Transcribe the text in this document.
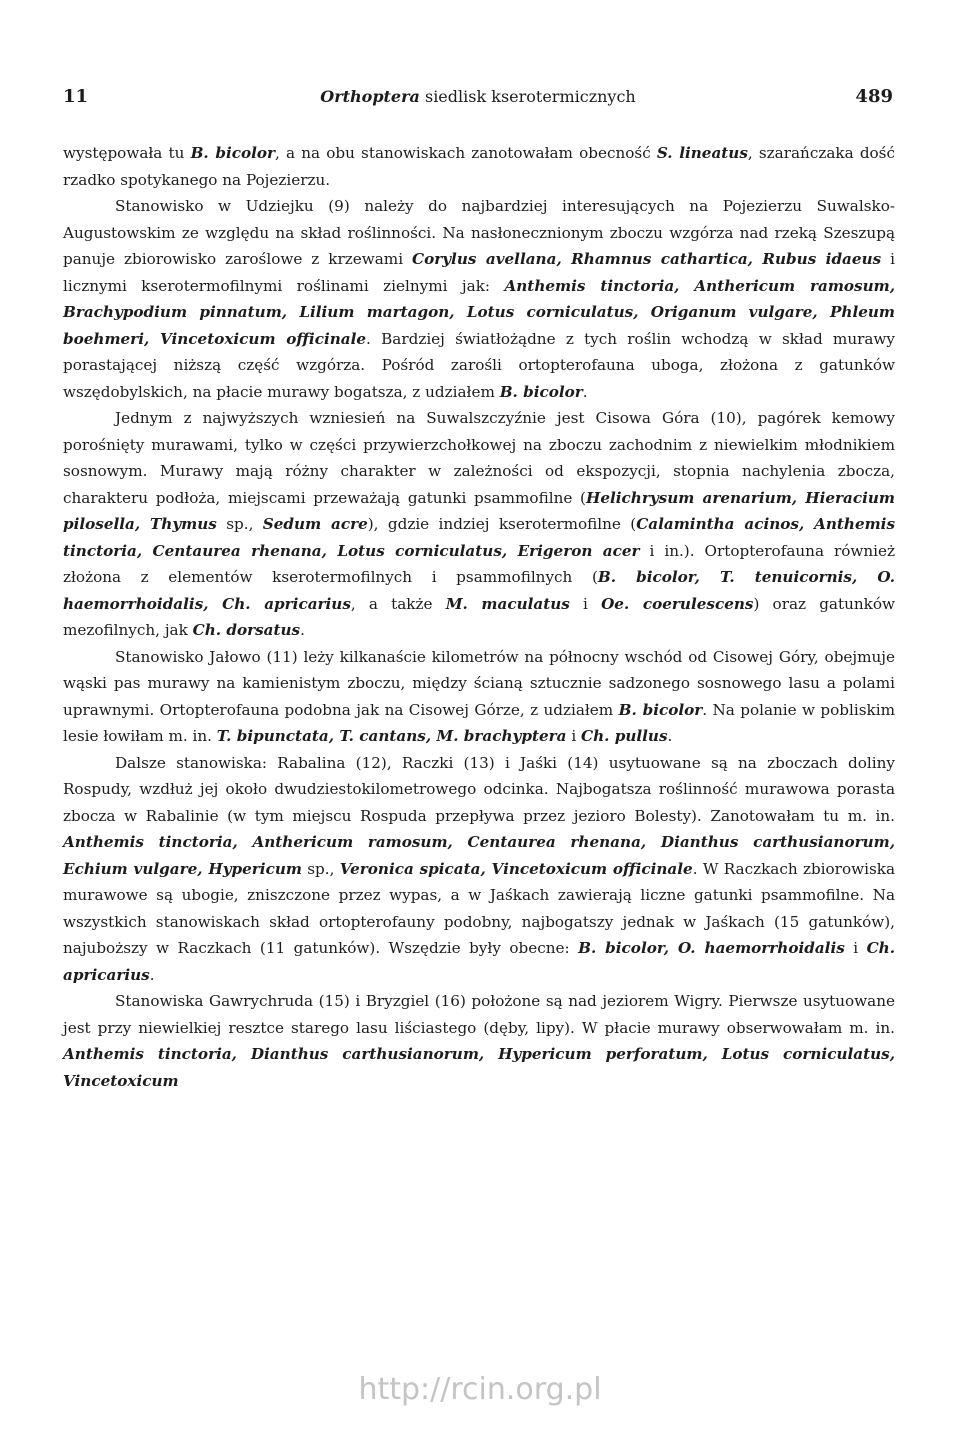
11	Orthoptera siedlisk kserotermicznych	489

występowała tu B. bicolor, a na obu stanowiskach zanotowałam obecność S. lineatus, szarańczaka dość rzadko spotykanego na Pojezierzu.

Stanowisko w Udziejku (9) należy do najbardziej interesujących na Pojezierzu Suwalsko-Augustowskim ze względu na skład roślinności. Na nasłonecznionym zboczu wzgórza nad rzeką Szeszupą panuje zbiorowisko zaroślowe z krzewami Corylus avellana, Rhamnus cathartica, Rubus idaeus i licznymi kserotermofilnymi roślinami zielnymi jak: Anthemis tinctoria, Anthericum ramosum, Brachypodium pinnatum, Lilium martagon, Lotus corniculatus, Origanum vulgare, Phleum boehmeri, Vincetoxicum officinale. Bardziej światłożądne z tych roślin wchodzą w skład murawy porastającej niższą część wzgórza. Pośród zarośli ortopterofauna uboga, złożona z gatunków wszędobylskich, na płacie murawy bogatsza, z udziałem B. bicolor.

Jednym z najwyższych wzniesień na Suwalszczyźnie jest Cisowa Góra (10), pagórek kemowy porośnięty murawami, tylko w części przywierzchołkowej na zboczu zachodnim z niewielkim młodnikiem sosnowym. Murawy mają różny charakter w zależności od ekspozycji, stopnia nachylenia zbocza, charakteru podłoża, miejscami przeważają gatunki psammofilne (Helichrysum arenarium, Hieracium pilosella, Thymus sp., Sedum acre), gdzie indziej kserotermofilne (Calamintha acinos, Anthemis tinctoria, Centaurea rhenana, Lotus corniculatus, Erigeron acer i in.). Ortopterofauna również złożona z elementów kserotermofilnych i psammofilnych (B. bicolor, T. tenuicornis, O. haemorrhoidalis, Ch. apricarius, a także M. maculatus i Oe. coerulescens) oraz gatunków mezofilnych, jak Ch. dorsatus.

Stanowisko Jałowo (11) leży kilkanaście kilometrów na północny wschód od Cisowej Góry, obejmuje wąski pas murawy na kamienistym zboczu, między ścianą sztucznie sadzonego sosnowego lasu a polami uprawnymi. Ortopterofauna podobna jak na Cisowej Górze, z udziałem B. bicolor. Na polanie w pobliskim lesie łowiłam m. in. T. bipunctata, T. cantans, M. brachyptera i Ch. pullus.

Dalsze stanowiska: Rabalina (12), Raczki (13) i Jaśki (14) usytuowane są na zboczach doliny Rospudy, wzdłuż jej około dwudziestokilometrowego odcinka. Najbogatsza roślinność murawowa porasta zbocza w Rabalinie (w tym miejscu Rospuda przepływa przez jezioro Bolesty). Zanotowałam tu m. in. Anthemis tinctoria, Anthericum ramosum, Centaurea rhenana, Dianthus carthusianorum, Echium vulgare, Hypericum sp., Veronica spicata, Vincetoxicum officinale. W Raczkach zbiorowiska murawowe są ubogie, zniszczone przez wypas, a w Jaśkach zawierają liczne gatunki psammofilne. Na wszystkich stanowiskach skład ortopterofauny podobny, najbogatszy jednak w Jaśkach (15 gatunków), najuboższy w Raczkach (11 gatunków). Wszędzie były obecne: B. bicolor, O. haemorrhoidalis i Ch. apricarius.

Stanowiska Gawrychruda (15) i Bryzgiel (16) położone są nad jeziorem Wigry. Pierwsze usytuowane jest przy niewielkiej resztce starego lasu liściastego (dęby, lipy). W płacie murawy obserwowałam m. in. Anthemis tinctoria, Dianthus carthusianorum, Hypericum perforatum, Lotus corniculatus, Vincetoxicum

http://rcin.org.pl
